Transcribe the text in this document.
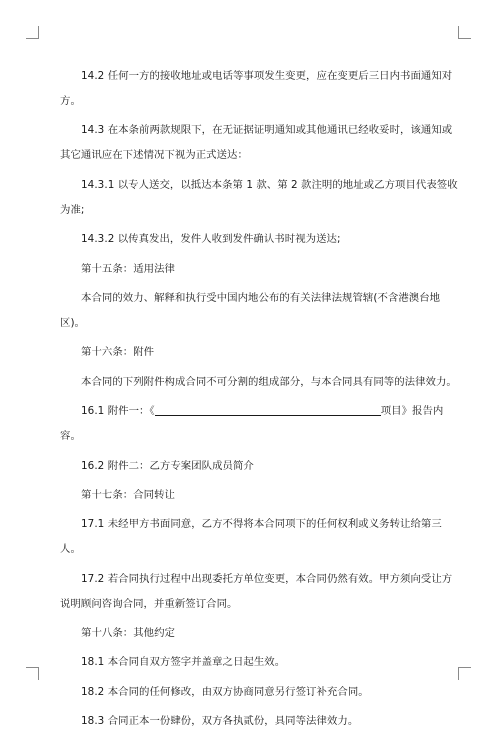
14.2 任何一方的接收地址或电话等事项发生变更，应在变更后三日内书面通知对方。

14.3 在本条前两款规限下，在无证据证明通知或其他通讯已经收妥时，该通知或其它通讯应在下述情况下视为正式送达：

14.3.1 以专人送交，以抵达本条第 1 款、第 2 款注明的地址或乙方项目代表签收为准;

14.3.2 以传真发出，发件人收到发件确认书时视为送达;

第十五条：适用法律

本合同的效力、解释和执行受中国内地公布的有关法律法规管辖(不含港澳台地区)。

第十六条：附件

本合同的下列附件构成合同不可分割的组成部分，与本合同具有同等的法律效力。

16.1 附件一：《	项目》报告内容。

16.2 附件二：乙方专案团队成员简介

第十七条：合同转让

17.1 未经甲方书面同意，乙方不得将本合同项下的任何权利或义务转让给第三人。

17.2 若合同执行过程中出现委托方单位变更，本合同仍然有效。甲方须向受让方说明顾问咨询合同，并重新签订合同。

第十八条：其他约定

18.1 本合同自双方签字并盖章之日起生效。

18.2 本合同的任何修改，由双方协商同意另行签订补充合同。

18.3 合同正本一份肆份，双方各执贰份，具同等法律效力。
